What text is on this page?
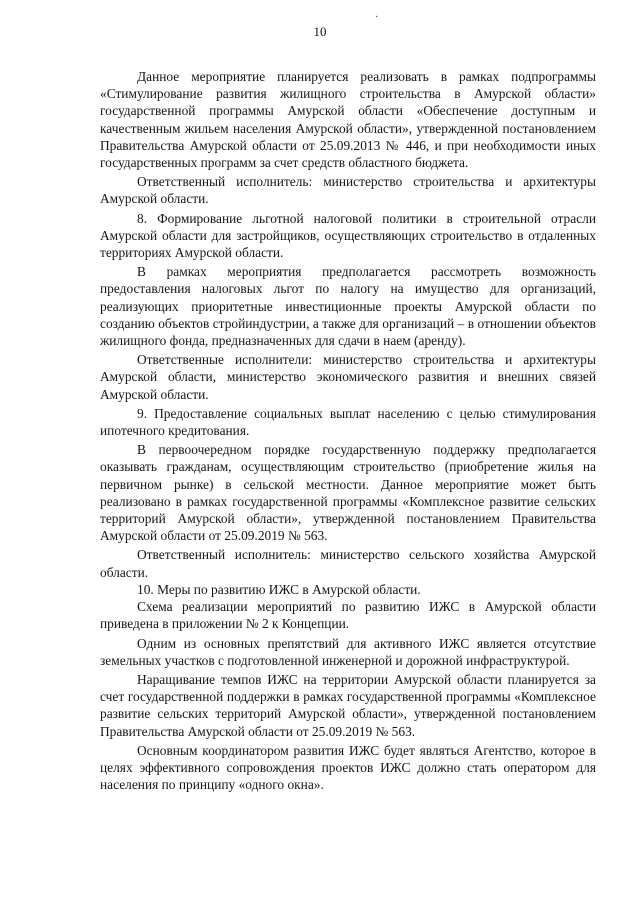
·
10

Данное мероприятие планируется реализовать в рамках подпрограммы «Стимулирование развития жилищного строительства в Амурской области» государственной программы Амурской области «Обеспечение доступным и качественным жильем населения Амурской области», утвержденной постановлением Правительства Амурской области от 25.09.2013 № 446, и при необходимости иных государственных программ за счет средств областного бюджета.

Ответственный исполнитель: министерство строительства и архитектуры Амурской области.

8. Формирование льготной налоговой политики в строительной отрасли Амурской области для застройщиков, осуществляющих строительство в отдаленных территориях Амурской области.

В рамках мероприятия предполагается рассмотреть возможность предоставления налоговых льгот по налогу на имущество для организаций, реализующих приоритетные инвестиционные проекты Амурской области по созданию объектов стройиндустрии, а также для организаций – в отношении объектов жилищного фонда, предназначенных для сдачи в наем (аренду).

Ответственные исполнители: министерство строительства и архитектуры Амурской области, министерство экономического развития и внешних связей Амурской области.

9. Предоставление социальных выплат населению с целью стимулирования ипотечного кредитования.

В первоочередном порядке государственную поддержку предполагается оказывать гражданам, осуществляющим строительство (приобретение жилья на первичном рынке) в сельской местности. Данное мероприятие может быть реализовано в рамках государственной программы «Комплексное развитие сельских территорий Амурской области», утвержденной постановлением Правительства Амурской области от 25.09.2019 № 563.

Ответственный исполнитель: министерство сельского хозяйства Амурской области.

10. Меры по развитию ИЖС в Амурской области.

Схема реализации мероприятий по развитию ИЖС в Амурской области приведена в приложении № 2 к Концепции.

Одним из основных препятствий для активного ИЖС является отсутствие земельных участков с подготовленной инженерной и дорожной инфраструктурой.

Наращивание темпов ИЖС на территории Амурской области планируется за счет государственной поддержки в рамках государственной программы «Комплексное развитие сельских территорий Амурской области», утвержденной постановлением Правительства Амурской области от 25.09.2019 № 563.

Основным координатором развития ИЖС будет являться Агентство, которое в целях эффективного сопровождения проектов ИЖС должно стать оператором для населения по принципу «одного окна».
